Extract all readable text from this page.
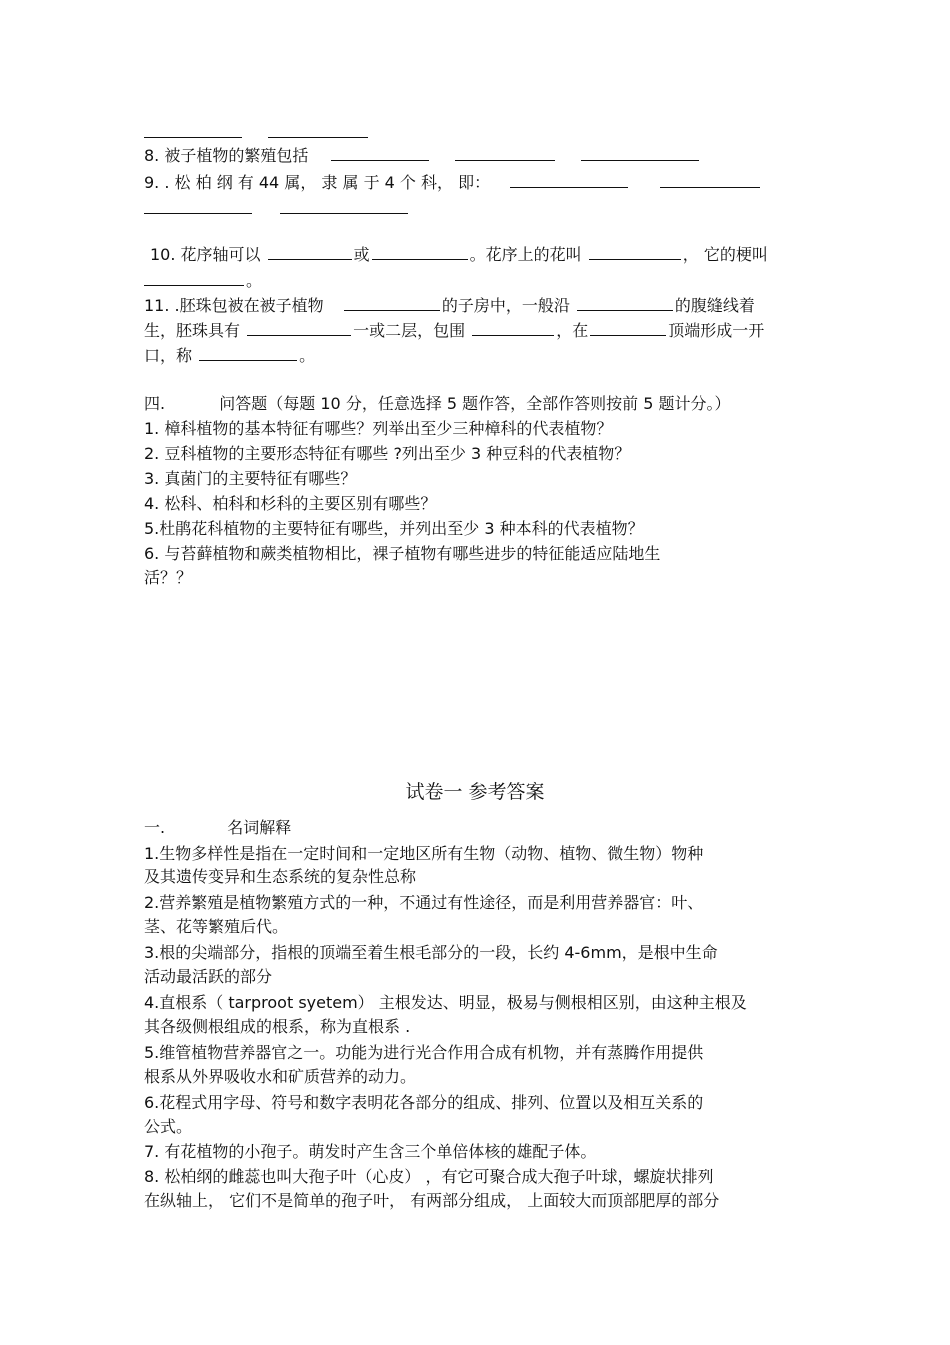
8. 被子植物的繁殖包括
9. . 松 柏 纲 有 44 属， 隶 属 于 4 个 科， 即：

10. 花序轴可以	或	。花序上的花叫	， 它的梗叫
。
11. .胚珠包被在被子植物	的子房中，一般沿	的腹缝线着
生，胚珠具有	一或二层，包围	，在	顶端形成一开
口，称	。
四.	问答题（每题 10 分，任意选择 5 题作答，全部作答则按前 5 题计分。）
1. 樟科植物的基本特征有哪些？列举出至少三种樟科的代表植物？
2. 豆科植物的主要形态特征有哪些 ?列出至少 3 种豆科的代表植物？
3. 真菌门的主要特征有哪些？
4. 松科、柏科和杉科的主要区别有哪些？
5.杜鹃花科植物的主要特征有哪些，并列出至少 3 种本科的代表植物？
6. 与苔藓植物和蕨类植物相比，裸子植物有哪些进步的特征能适应陆地生
活？？
试卷一 参考答案
一.	名词解释
1.生物多样性是指在一定时间和一定地区所有生物（动物、植物、微生物）物种
及其遗传变异和生态系统的复杂性总称
2.营养繁殖是植物繁殖方式的一种，不通过有性途径，而是利用营养器官：叶、
茎、花等繁殖后代。
3.根的尖端部分，指根的顶端至着生根毛部分的一段，长约 4-6mm，是根中生命
活动最活跃的部分
4.直根系（ tarproot syetem） 主根发达、明显，极易与侧根相区别，由这种主根及
其各级侧根组成的根系，称为直根系 .
5.维管植物营养器官之一。功能为进行光合作用合成有机物，并有蒸腾作用提供
根系从外界吸收水和矿质营养的动力。
6.花程式用字母、符号和数字表明花各部分的组成、排列、位置以及相互关系的
公式。
7. 有花植物的小孢子。萌发时产生含三个单倍体核的雄配子体。
8. 松柏纲的雌蕊也叫大孢子叶（心皮） ，有它可聚合成大孢子叶球，螺旋状排列
在纵轴上， 它们不是简单的孢子叶， 有两部分组成， 上面较大而顶部肥厚的部分
